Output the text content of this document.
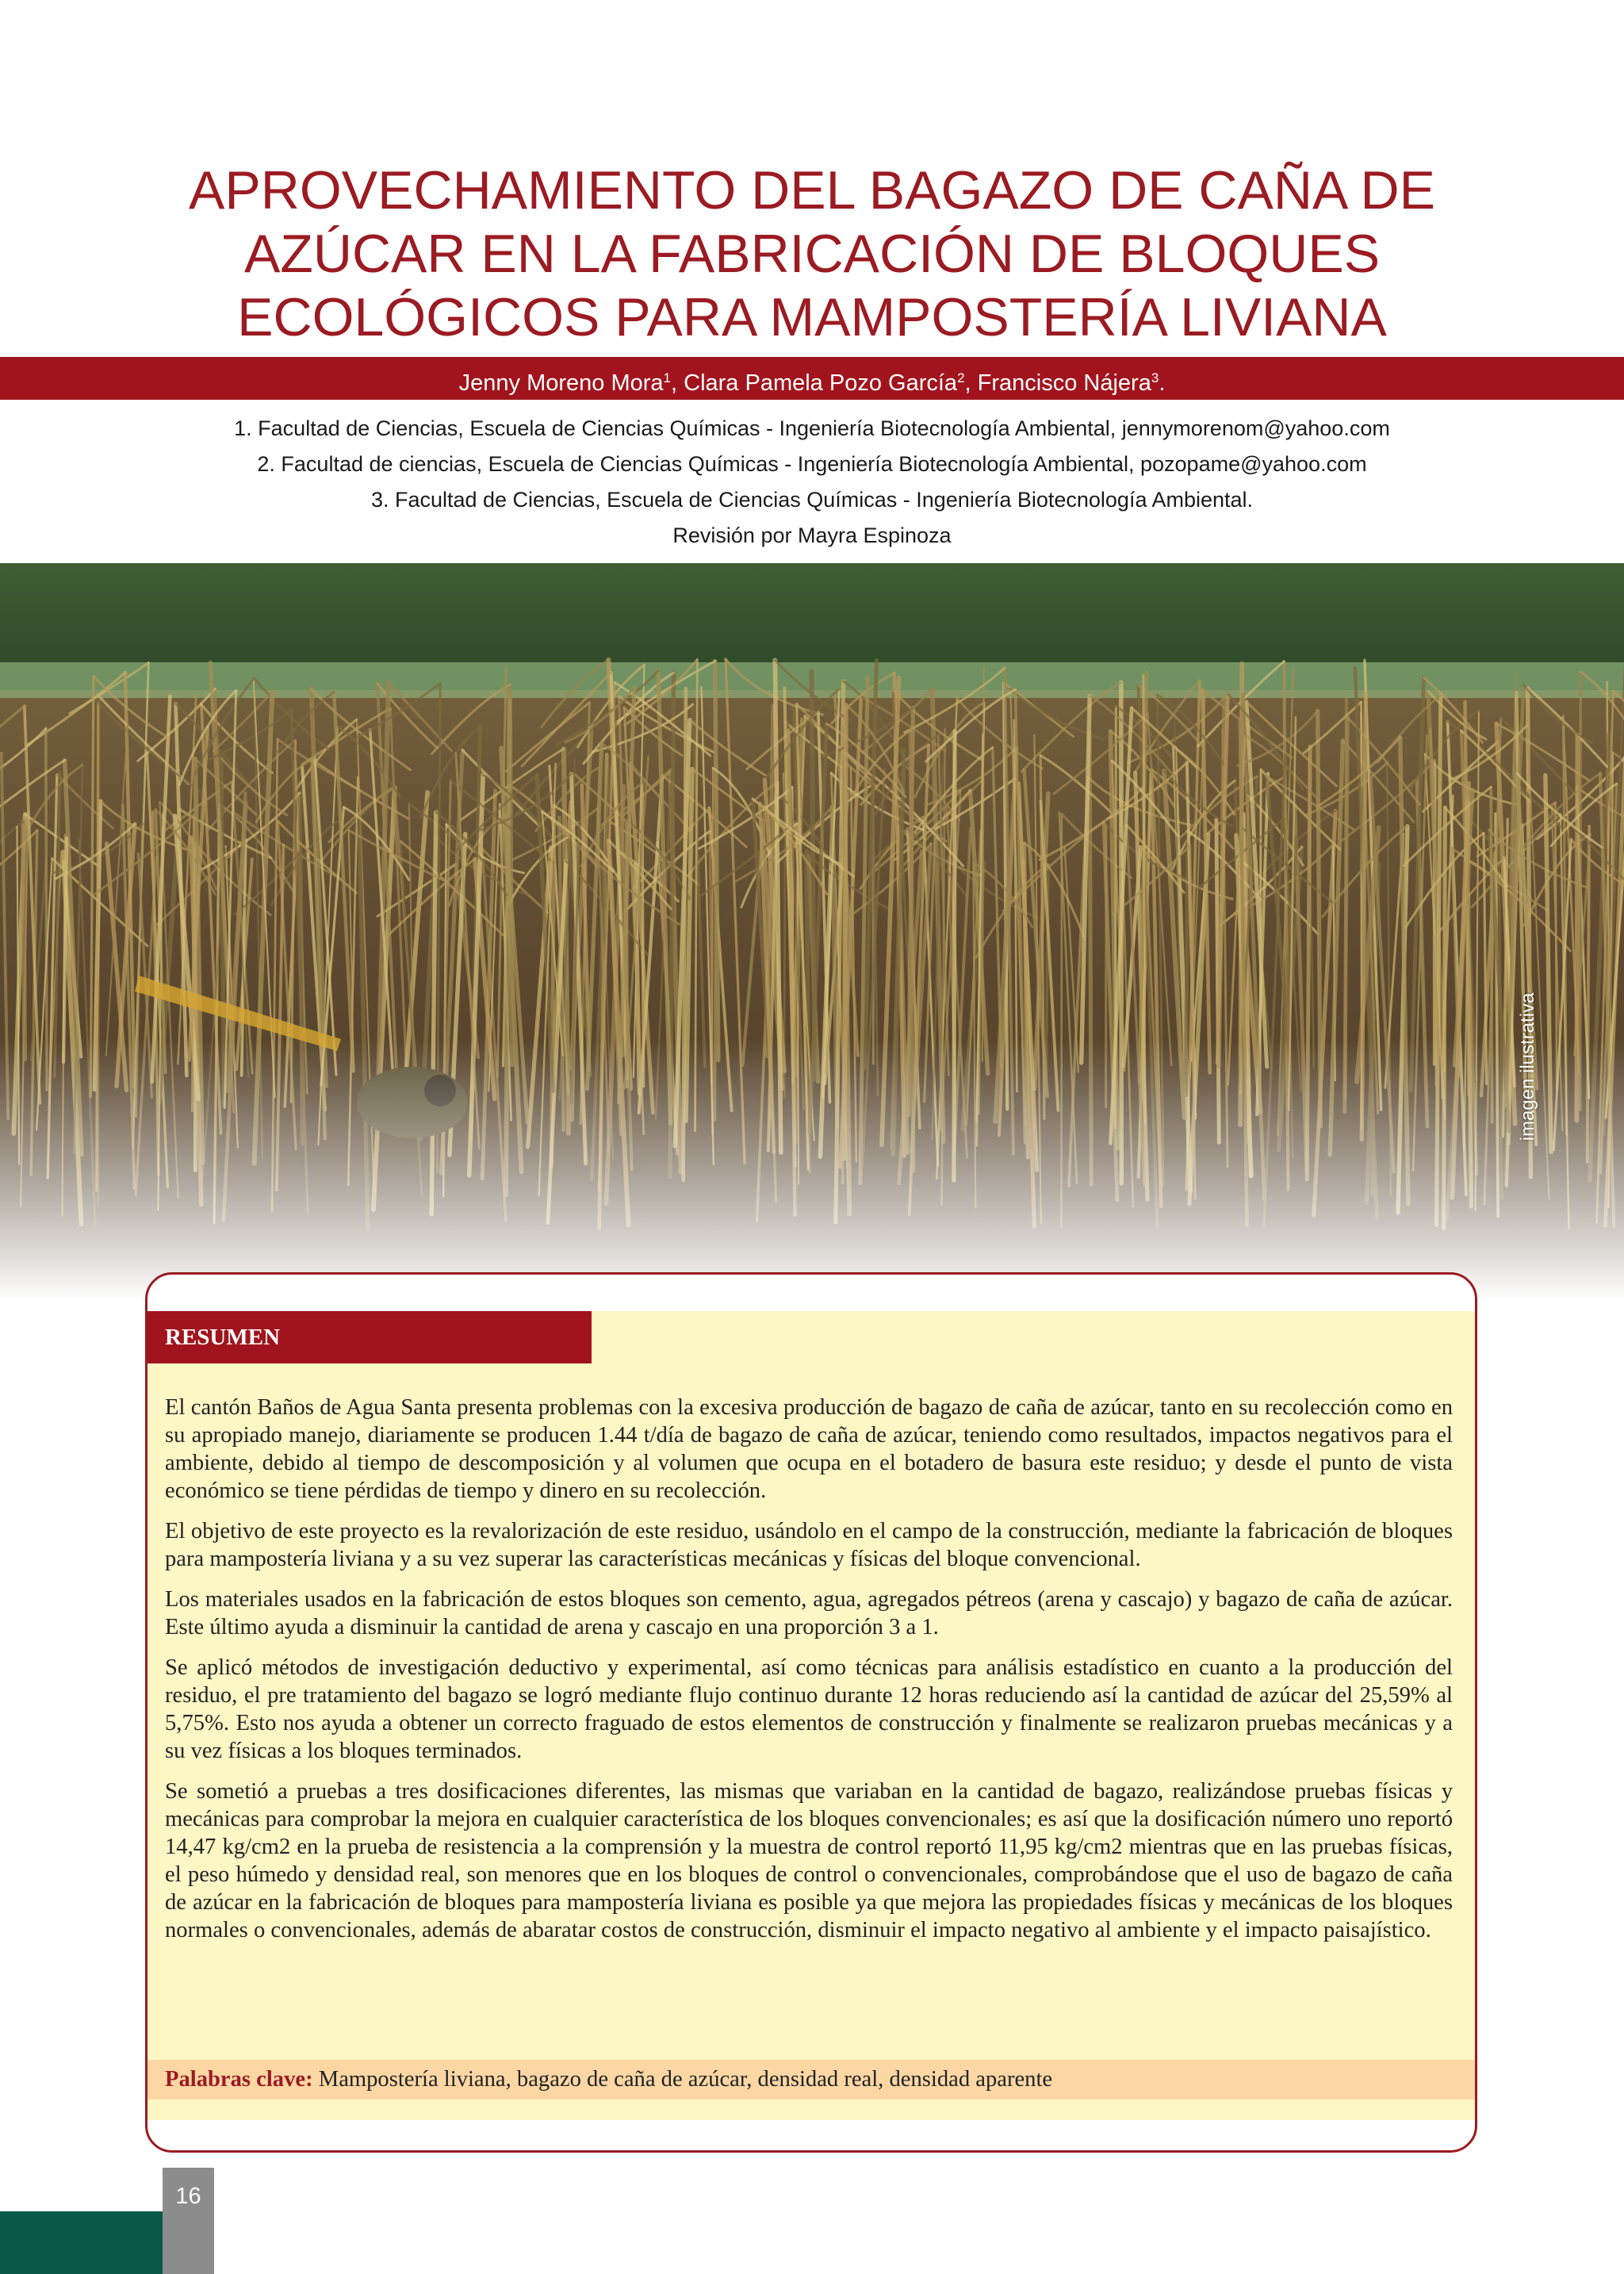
APROVECHAMIENTO DEL BAGAZO DE CAÑA DE
AZÚCAR EN LA FABRICACIÓN DE BLOQUES
ECOLÓGICOS PARA MAMPOSTERÍA LIVIANA
Jenny Moreno Mora$^1$, Clara Pamela Pozo García$^2$, Francisco Nájera$^3$.
1. Facultad de Ciencias, Escuela de Ciencias Químicas - Ingeniería Biotecnología Ambiental, jennymorenom@yahoo.com
2. Facultad de ciencias, Escuela de Ciencias Químicas - Ingeniería Biotecnología Ambiental, pozopame@yahoo.com
3. Facultad de Ciencias, Escuela de Ciencias Químicas - Ingeniería Biotecnología Ambiental.
Revisión por Mayra Espinoza
imagen ilustrativa
RESUMEN

El cantón Baños de Agua Santa presenta problemas con la excesiva producción de bagazo de caña de azúcar, tanto en su recolección como en su apropiado manejo, diariamente se producen 1.44 t/día de bagazo de caña de azúcar, teniendo como resultados, impactos negativos para el ambiente, debido al tiempo de descomposición y al volumen que ocupa en el botadero de basura este residuo; y desde el punto de vista económico se tiene pérdidas de tiempo y dinero en su recolección.

El objetivo de este proyecto es la revalorización de este residuo, usándolo en el campo de la construcción, mediante la fabricación de bloques para mampostería liviana y a su vez superar las características mecánicas y físicas del bloque convencional.

Los materiales usados en la fabricación de estos bloques son cemento, agua, agregados pétreos (arena y cascajo) y bagazo de caña de azúcar. Este último ayuda a disminuir la cantidad de arena y cascajo en una proporción 3 a 1.

Se aplicó métodos de investigación deductivo y experimental, así como técnicas para análisis estadístico en cuanto a la producción del residuo, el pre tratamiento del bagazo se logró mediante flujo continuo durante 12 horas reduciendo así la cantidad de azúcar del 25,59% al 5,75%. Esto nos ayuda a obtener un correcto fraguado de estos elementos de construcción y finalmente se realizaron pruebas mecánicas y a su vez físicas a los bloques terminados.

Se sometió a pruebas a tres dosificaciones diferentes, las mismas que variaban en la cantidad de bagazo, realizándose pruebas físicas y mecánicas para comprobar la mejora en cualquier característica de los bloques convencionales; es así que la dosificación número uno reportó 14,47 kg/cm2 en la prueba de resistencia a la comprensión y la muestra de control reportó 11,95 kg/cm2 mientras que en las pruebas físicas, el peso húmedo y densidad real, son menores que en los bloques de control o convencionales, comprobándose que el uso de bagazo de caña de azúcar en la fabricación de bloques para mampostería liviana es posible ya que mejora las propiedades físicas y mecánicas de los bloques normales o convencionales, además de abaratar costos de construcción, disminuir el impacto negativo al ambiente y el impacto paisajístico.

Palabras clave: Mampostería liviana, bagazo de caña de azúcar, densidad real, densidad aparente
16
